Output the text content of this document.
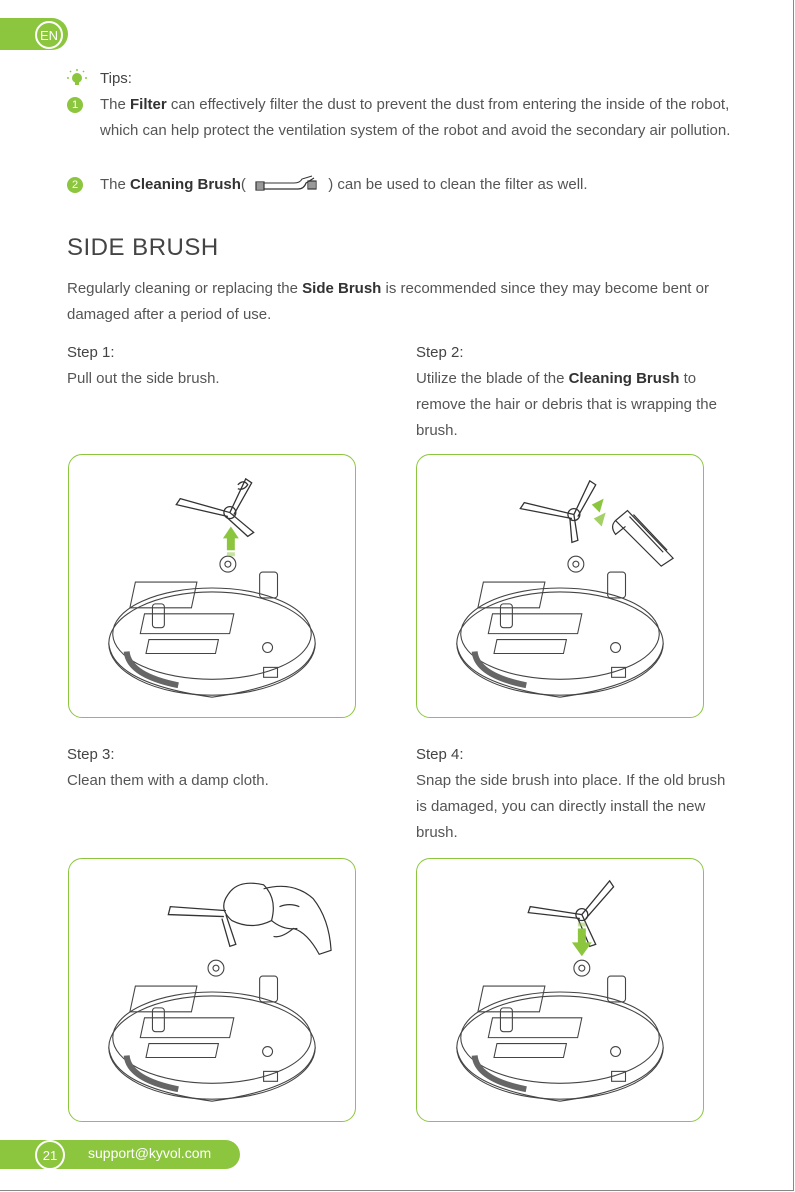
EN
Tips:
1	The Filter can effectively filter the dust to prevent the dust from entering the inside of the robot, which can help protect the ventilation system of the robot and avoid the secondary air pollution.
2	The Cleaning Brush(	) can be used to clean the filter as well.
SIDE BRUSH
Regularly cleaning or replacing the Side Brush is recommended since they may become bent or damaged after a period of use.
Step 1:
Pull out the side brush.
Step 2:
Utilize the blade of the Cleaning Brush to remove the hair or debris that is wrapping the brush.
Step 3:
Clean them with a damp cloth.
Step 4:
Snap the side brush into place. If the old brush is damaged, you can directly install the new brush.
21 support@kyvol.com
